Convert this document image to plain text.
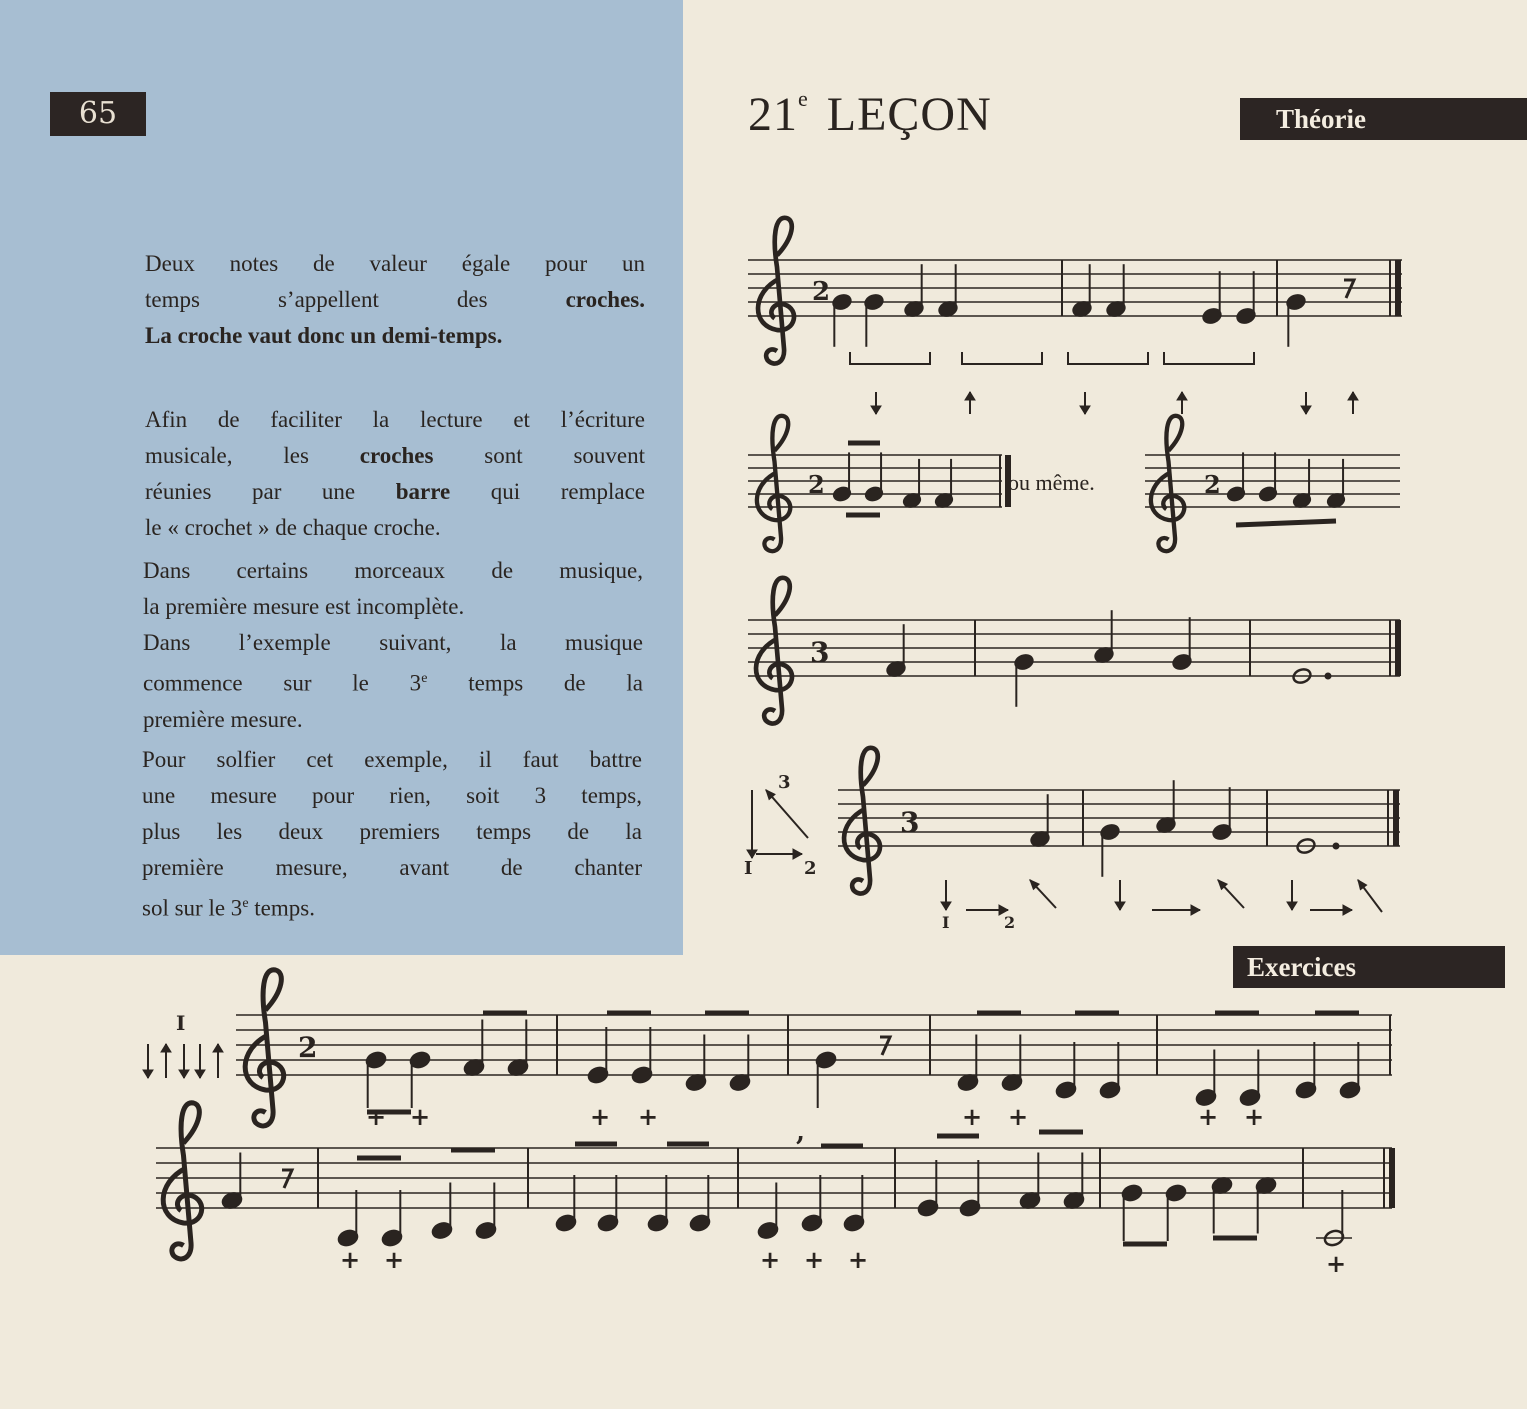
65	21e LEÇON	Théorie
Exercices
Deux notes de valeur égale pour un
temps s’appellent des	croches.
La croche vaut donc un demi-temps.
Afin de faciliter la lecture et l’écriture
musicale, les croches sont souvent
réunies par une barre qui remplace
le « crochet » de chaque croche.
Dans certains morceaux de musique,
la première mesure est incomplète.
Dans l’exemple suivant, la musique
commence sur le 3e temps de la
première mesure.
Pour solfier cet exemple, il faut battre
une mesure pour rien, soit 3 temps,
plus les deux premiers temps de la
première mesure, avant de chanter
sol sur le 3e temps.
ou même.
2
2	2
3
3
I	2
3
I	2
2
I
+ +	+ +	+ +	+ +
,
+ +	+ + +	+
